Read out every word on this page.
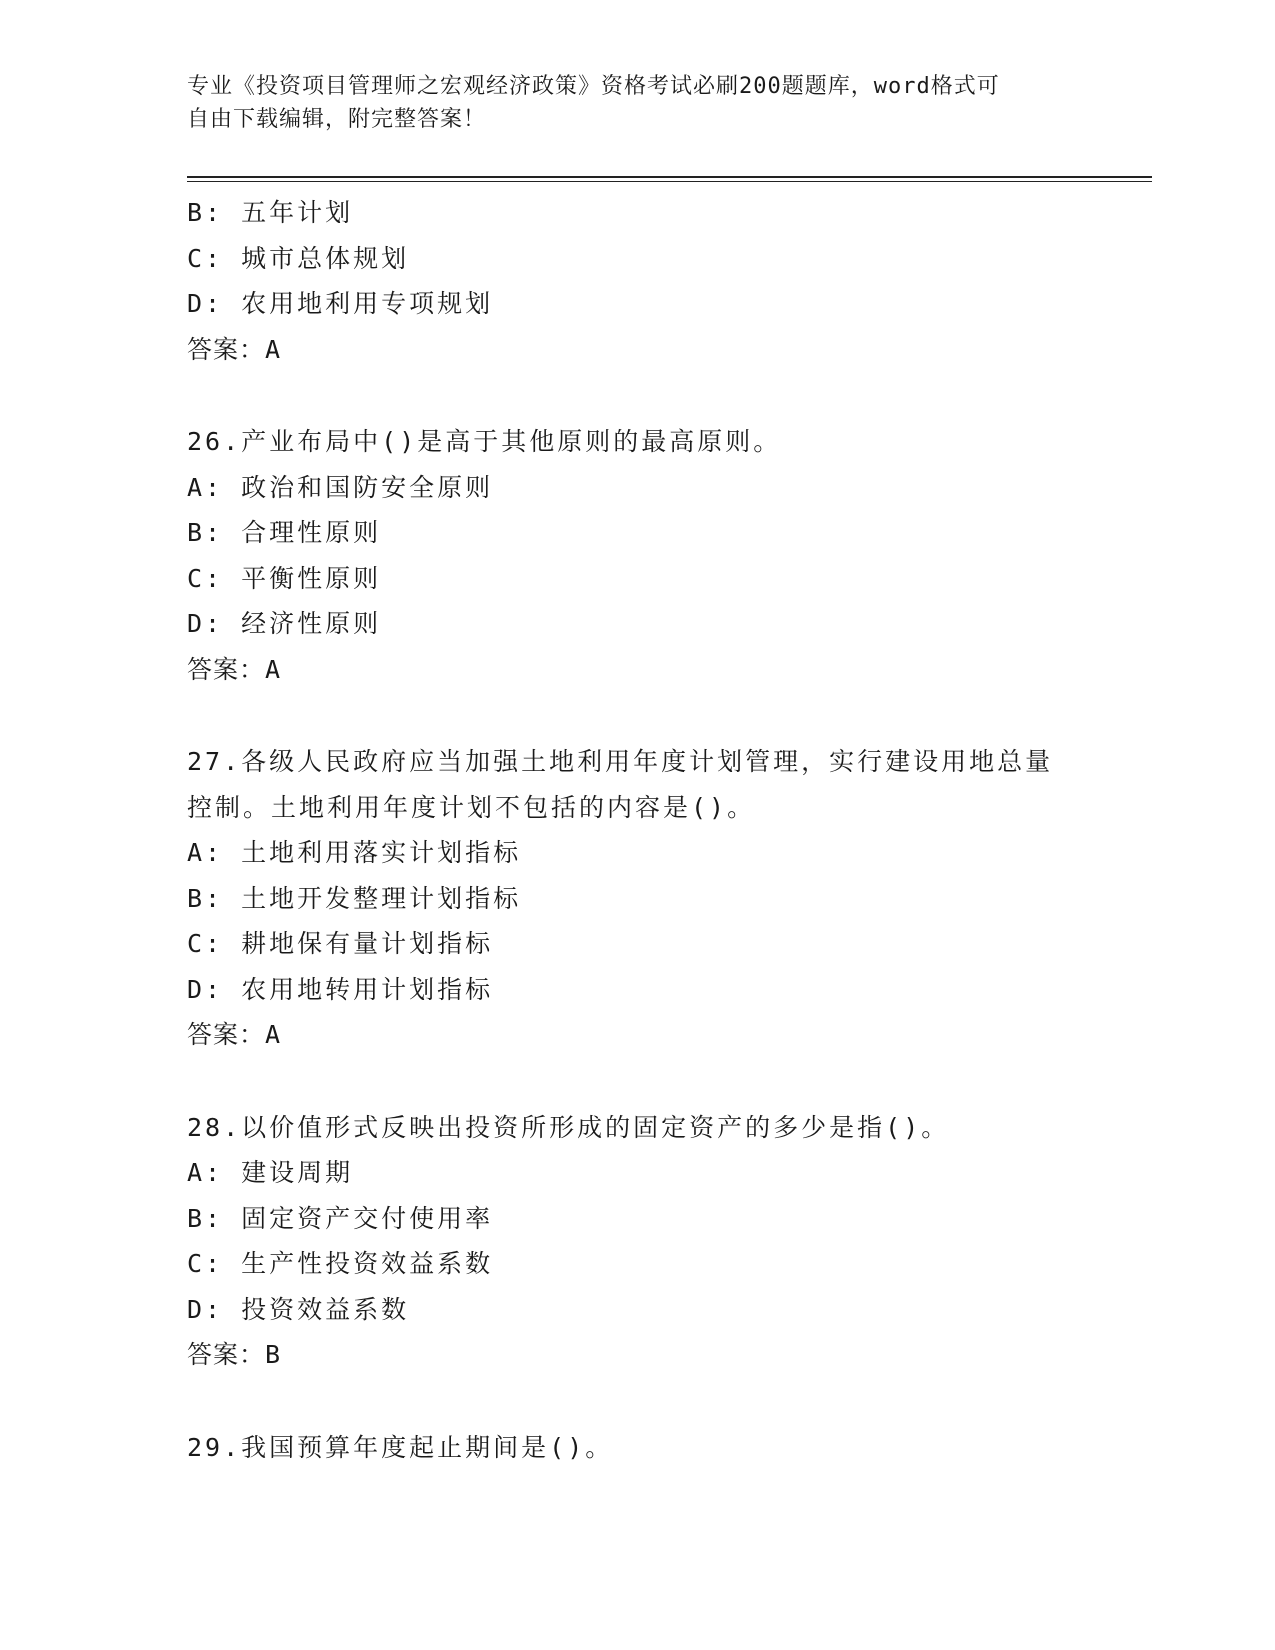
专业《投资项目管理师之宏观经济政策》资格考试必刷200题题库，word格式可
自由下载编辑，附完整答案！
B: 五年计划
C: 城市总体规划
D: 农用地利用专项规划
答案：A
26.产业布局中()是高于其他原则的最高原则。
A: 政治和国防安全原则
B: 合理性原则
C: 平衡性原则
D: 经济性原则
答案：A
27.各级人民政府应当加强土地利用年度计划管理，实行建设用地总量
控制。土地利用年度计划不包括的内容是()。
A: 土地利用落实计划指标
B: 土地开发整理计划指标
C: 耕地保有量计划指标
D: 农用地转用计划指标
答案：A
28.以价值形式反映出投资所形成的固定资产的多少是指()。
A: 建设周期
B: 固定资产交付使用率
C: 生产性投资效益系数
D: 投资效益系数
答案：B
29.我国预算年度起止期间是()。
